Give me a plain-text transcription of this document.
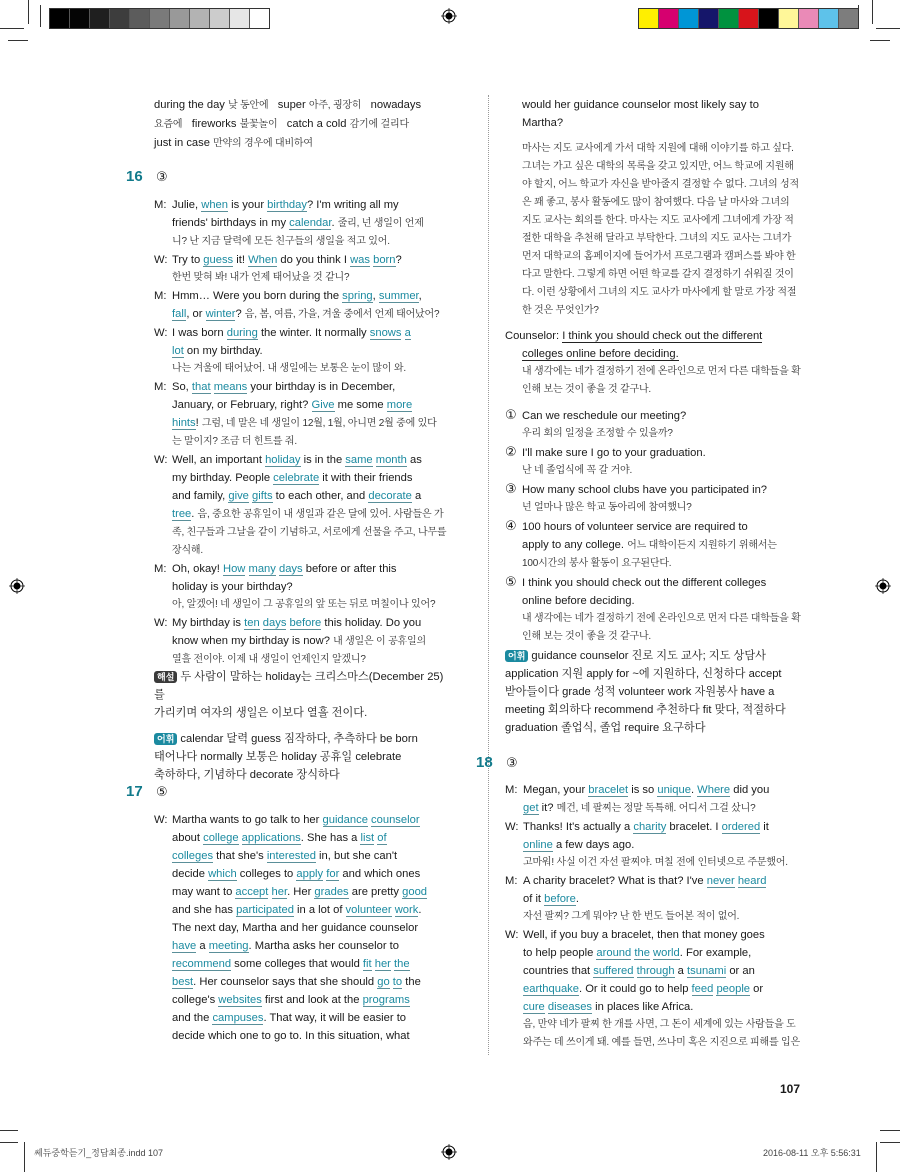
during the day 낮 동안에 super 아주, 굉장히 nowadays
요즘에 fireworks 불꽃놀이 catch a cold 감기에 걸리다
just in case 만약의 경우에 대비하여
16 ③
M: Julie, when is your birthday? I'm writing all my
friends' birthdays in my calendar. 줄리, 넌 생일이 언제
니? 난 지금 달력에 모든 친구들의 생일을 적고 있어.
W: Try to guess it! When do you think I was born?
한번 맞혀 봐! 내가 언제 태어났을 것 같니?
M: Hmm… Were you born during the spring, summer,
fall, or winter? 음, 봄, 여름, 가을, 겨울 중에서 언제 태어났어?
W: I was born during the winter. It normally snows a
lot on my birthday.
나는 겨울에 태어났어. 내 생일에는 보통은 눈이 많이 와.
M: So, that means your birthday is in December,
January, or February, right? Give me some more
hints! 그럼, 네 말은 네 생일이 12월, 1월, 아니면 2월 중에 있다
는 말이지? 조금 더 힌트를 줘.
W: Well, an important holiday is in the same month as
my birthday. People celebrate it with their friends
and family, give gifts to each other, and decorate a
tree. 음, 중요한 공휴일이 내 생일과 같은 달에 있어. 사람들은 가
족, 친구들과 그날을 같이 기념하고, 서로에게 선물을 주고, 나무를
장식해.
M: Oh, okay! How many days before or after this
holiday is your birthday?
아, 알겠어! 네 생일이 그 공휴일의 앞 또는 뒤로 며칠이나 있어?
W: My birthday is ten days before this holiday. Do you
know when my birthday is now? 내 생일은 이 공휴일의
열흘 전이야. 이제 내 생일이 언제인지 알겠니?
해설 두 사람이 말하는 holiday는 크리스마스(December 25)를
가리키며 여자의 생일은 이보다 열흘 전이다.
어휘 calendar 달력 guess 짐작하다, 추측하다 be born
태어나다 normally 보통은 holiday 공휴일 celebrate
축하하다, 기념하다 decorate 장식하다
17 ⑤
W: Martha wants to go talk to her guidance counselor
about college applications. She has a list of
colleges that she's interested in, but she can't
decide which colleges to apply for and which ones
may want to accept her. Her grades are pretty good
and she has participated in a lot of volunteer work.
The next day, Martha and her guidance counselor
have a meeting. Martha asks her counselor to
recommend some colleges that would fit her the
best. Her counselor says that she should go to the
college's websites first and look at the programs
and the campuses. That way, it will be easier to
decide which one to go to. In this situation, what
would her guidance counselor most likely say to
Martha?
마사는 지도 교사에게 가서 대학 지원에 대해 이야기를 하고 싶다.
그녀는 가고 싶은 대학의 목록을 갖고 있지만, 어느 학교에 지원해
야 할지, 어느 학교가 자신을 받아줄지 결정할 수 없다. 그녀의 성적
은 꽤 좋고, 봉사 활동에도 많이 참여했다. 다음 날 마사와 그녀의
지도 교사는 회의를 한다. 마사는 지도 교사에게 그녀에게 가장 적
절한 대학을 추천해 달라고 부탁한다. 그녀의 지도 교사는 그녀가
먼저 대학교의 홈페이지에 들어가서 프로그램과 캠퍼스를 봐야 한
다고 말한다. 그렇게 하면 어떤 학교를 갈지 결정하기 쉬워질 것이
다. 이런 상황에서 그녀의 지도 교사가 마사에게 할 말로 가장 적절
한 것은 무엇인가?
Counselor: I think you should check out the different
colleges online before deciding.
내 생각에는 네가 결정하기 전에 온라인으로 먼저 다른 대학들을 확
인해 보는 것이 좋을 것 같구나.
① Can we reschedule our meeting?
우리 회의 일정을 조정할 수 있을까?
② I'll make sure I go to your graduation.
난 네 졸업식에 꼭 갈 거야.
③ How many school clubs have you participated in?
넌 얼마나 많은 학교 동아리에 참여했니?
④ 100 hours of volunteer service are required to
apply to any college. 어느 대학이든지 지원하기 위해서는
100시간의 봉사 활동이 요구된단다.
⑤ I think you should check out the different colleges
online before deciding.
내 생각에는 네가 결정하기 전에 온라인으로 먼저 다른 대학들을 확
인해 보는 것이 좋을 것 같구나.
어휘 guidance counselor 진로 지도 교사; 지도 상담사
application 지원 apply for ~에 지원하다, 신청하다 accept
받아들이다 grade 성적 volunteer work 자원봉사 have a
meeting 회의하다 recommend 추천하다 fit 맞다, 적절하다
graduation 졸업식, 졸업 require 요구하다
18 ③
M: Megan, your bracelet is so unique. Where did you
get it? 메건, 네 팔찌는 정말 독특해. 어디서 그걸 샀니?
W: Thanks! It's actually a charity bracelet. I ordered it
online a few days ago.
고마워! 사실 이건 자선 팔찌야. 며칠 전에 인터넷으로 주문했어.
M: A charity bracelet? What is that? I've never heard
of it before.
자선 팔찌? 그게 뭐야? 난 한 번도 들어본 적이 없어.
W: Well, if you buy a bracelet, then that money goes
to help people around the world. For example,
countries that suffered through a tsunami or an
earthquake. Or it could go to help feed people or
cure diseases in places like Africa.
음, 만약 네가 팔찌 한 개를 사면, 그 돈이 세계에 있는 사람들을 도
와주는 데 쓰이게 돼. 예를 들면, 쓰나미 혹은 지진으로 피해를 입은
107
쎄듀중학듣기_정답최종.indd 107	2016-08-11 오후 5:56:31
